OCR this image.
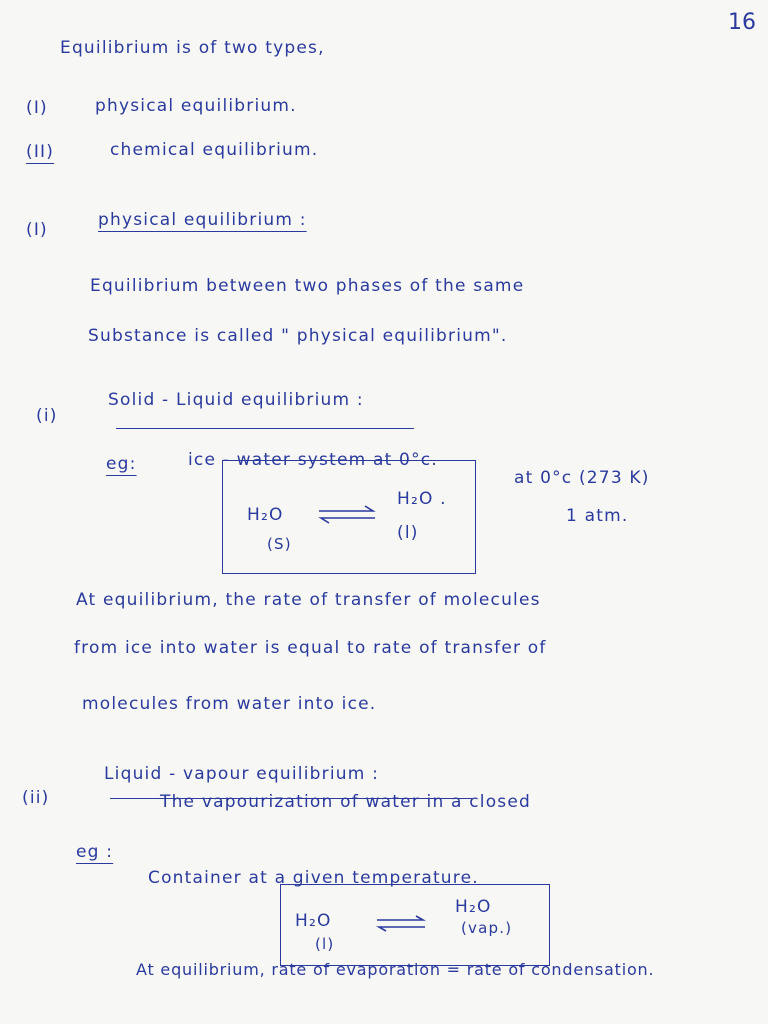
16
Equilibrium is of two types,
(I)	physical equilibrium.
(II)	chemical equilibrium.
(I)	physical equilibrium :
Equilibrium between two phases of the same
Substance is called " physical equilibrium".
(i)
Solid - Liquid equilibrium :
eg:	ice - water system at 0°c.
H₂O
(S)
H₂O .
(l)
at 0°c (273 K)
1 atm.
At equilibrium, the rate of transfer of molecules
from ice into water is equal to rate of transfer of
molecules from water into ice.
(ii)
Liquid - vapour equilibrium :
eg :
The vapourization of water in a closed
Container at a given temperature.
H₂O
(l)
H₂O
(vap.)
At equilibrium, rate of evaporation = rate of condensation.
